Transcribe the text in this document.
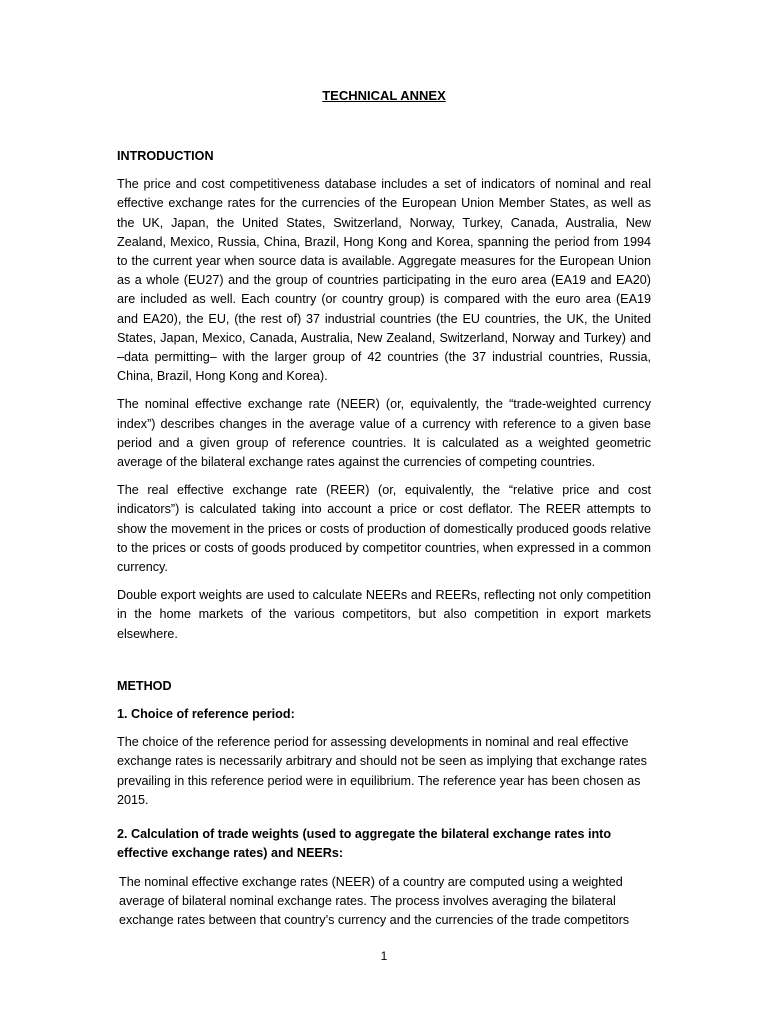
TECHNICAL ANNEX
INTRODUCTION

The price and cost competitiveness database includes a set of indicators of nominal and real effective exchange rates for the currencies of the European Union Member States, as well as the UK, Japan, the United States, Switzerland, Norway, Turkey, Canada, Australia, New Zealand, Mexico, Russia, China, Brazil, Hong Kong and Korea, spanning the period from 1994 to the current year when source data is available. Aggregate measures for the European Union as a whole (EU27) and the group of countries participating in the euro area (EA19 and EA20) are included as well. Each country (or country group) is compared with the euro area (EA19 and EA20), the EU, (the rest of) 37 industrial countries (the EU countries, the UK, the United States, Japan, Mexico, Canada, Australia, New Zealand, Switzerland, Norway and Turkey) and –data permitting– with the larger group of 42 countries (the 37 industrial countries, Russia, China, Brazil, Hong Kong and Korea).

The nominal effective exchange rate (NEER) (or, equivalently, the “trade-weighted currency index”) describes changes in the average value of a currency with reference to a given base period and a given group of reference countries. It is calculated as a weighted geometric average of the bilateral exchange rates against the currencies of competing countries.

The real effective exchange rate (REER) (or, equivalently, the “relative price and cost indicators”) is calculated taking into account a price or cost deflator. The REER attempts to show the movement in the prices or costs of production of domestically produced goods relative to the prices or costs of goods produced by competitor countries, when expressed in a common currency.

Double export weights are used to calculate NEERs and REERs, reflecting not only competition in the home markets of the various competitors, but also competition in export markets elsewhere.

METHOD
1. Choice of reference period:

The choice of the reference period for assessing developments in nominal and real effective exchange rates is necessarily arbitrary and should not be seen as implying that exchange rates prevailing in this reference period were in equilibrium. The reference year has been chosen as 2015.

2. Calculation of trade weights (used to aggregate the bilateral exchange rates into effective exchange rates) and NEERs:

The nominal effective exchange rates (NEER) of a country are computed using a weighted average of bilateral nominal exchange rates. The process involves averaging the bilateral exchange rates between that country’s currency and the currencies of the trade competitors

1
